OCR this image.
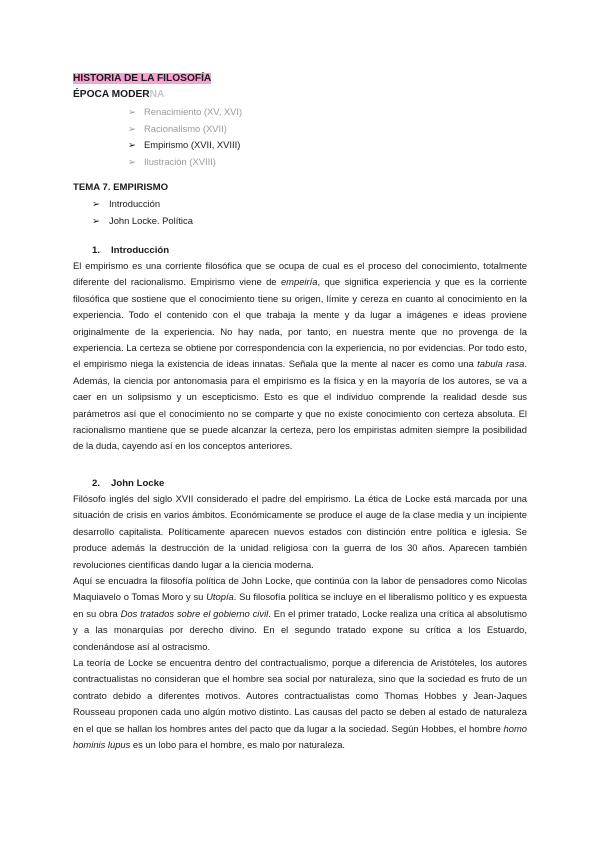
HISTORIA DE LA FILOSOFÍA
ÉPOCA MODERNA
➢ Renacimiento (XV, XVI)
➢ Racionalismo (XVII)
➢ Empirismo (XVII, XVIII)
➢ Ilustración (XVIII)
TEMA 7. EMPIRISMO
➢ Introducción
➢ John Locke. Política
1. Introducción

El empirismo es una corriente filosófica que se ocupa de cual es el proceso del conocimiento, totalmente diferente del racionalismo. Empirismo viene de empeiría, que significa experiencia y que es la corriente filosófica que sostiene que el conocimiento tiene su origen, límite y cereza en cuanto al conocimiento en la experiencia. Todo el contenido con el que trabaja la mente y da lugar a imágenes e ideas proviene originalmente de la experiencia. No hay nada, por tanto, en nuestra mente que no provenga de la experiencia. La certeza se obtiene por correspondencia con la experiencia, no por evidencias. Por todo esto, el empirismo niega la existencia de ideas innatas. Señala que la mente al nacer es como una tabula rasa. Además, la ciencia por antonomasia para el empirismo es la física y en la mayoría de los autores, se va a caer en un solipsismo y un escepticismo. Esto es que el individuo comprende la realidad desde sus parámetros así que el conocimiento no se comparte y que no existe conocimiento con certeza absoluta. El racionalismo mantiene que se puede alcanzar la certeza, pero los empiristas admiten siempre la posibilidad de la duda, cayendo así en los conceptos anteriores.

2. John Locke

Filósofo inglés del siglo XVII considerado el padre del empirismo. La ética de Locke está marcada por una situación de crisis en varios ámbitos. Económicamente se produce el auge de la clase media y un incipiente desarrollo capitalista. Políticamente aparecen nuevos estados con distinción entre política e iglesia. Se produce además la destrucción de la unidad religiosa con la guerra de los 30 años. Aparecen también revoluciones científicas dando lugar a la ciencia moderna.

Aquí se encuadra la filosofía política de John Locke, que continúa con la labor de pensadores como Nicolas Maquiavelo o Tomas Moro y su Utopía. Su filosofía política se incluye en el liberalismo político y es expuesta en su obra Dos tratados sobre el gobierno civil. En el primer tratado, Locke realiza una crítica al absolutismo y a las monarquías por derecho divino. En el segundo tratado expone su crítica a los Estuardo, condenándose así al ostracismo.

La teoría de Locke se encuentra dentro del contractualismo, porque a diferencia de Aristóteles, los autores contractualistas no consideran que el hombre sea social por naturaleza, sino que la sociedad es fruto de un contrato debido a diferentes motivos. Autores contractualistas como Thomas Hobbes y Jean-Jaques Rousseau proponen cada uno algún motivo distinto. Las causas del pacto se deben al estado de naturaleza en el que se hallan los hombres antes del pacto que da lugar a la sociedad. Según Hobbes, el hombre homo hominis lupus es un lobo para el hombre, es malo por naturaleza.
